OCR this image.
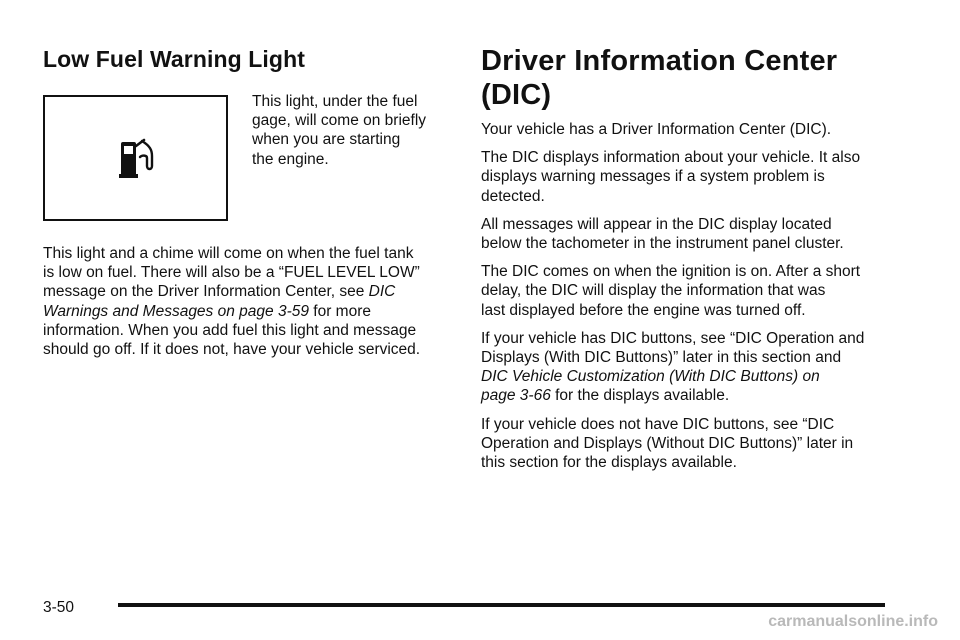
Low Fuel Warning Light

This light, under the fuel
gage, will come on briefly
when you are starting
the engine.

This light and a chime will come on when the fuel tank
is low on fuel. There will also be a “FUEL LEVEL LOW”
message on the Driver Information Center, see DIC
Warnings and Messages on page 3-59 for more
information. When you add fuel this light and message
should go off. If it does not, have your vehicle serviced.

Driver Information Center (DIC)

Your vehicle has a Driver Information Center (DIC).

The DIC displays information about your vehicle. It also
displays warning messages if a system problem is
detected.

All messages will appear in the DIC display located
below the tachometer in the instrument panel cluster.

The DIC comes on when the ignition is on. After a short
delay, the DIC will display the information that was
last displayed before the engine was turned off.

If your vehicle has DIC buttons, see “DIC Operation and
Displays (With DIC Buttons)” later in this section and
DIC Vehicle Customization (With DIC Buttons) on
page 3-66 for the displays available.

If your vehicle does not have DIC buttons, see “DIC
Operation and Displays (Without DIC Buttons)” later in
this section for the displays available.

3-50
carmanualsonline.info
